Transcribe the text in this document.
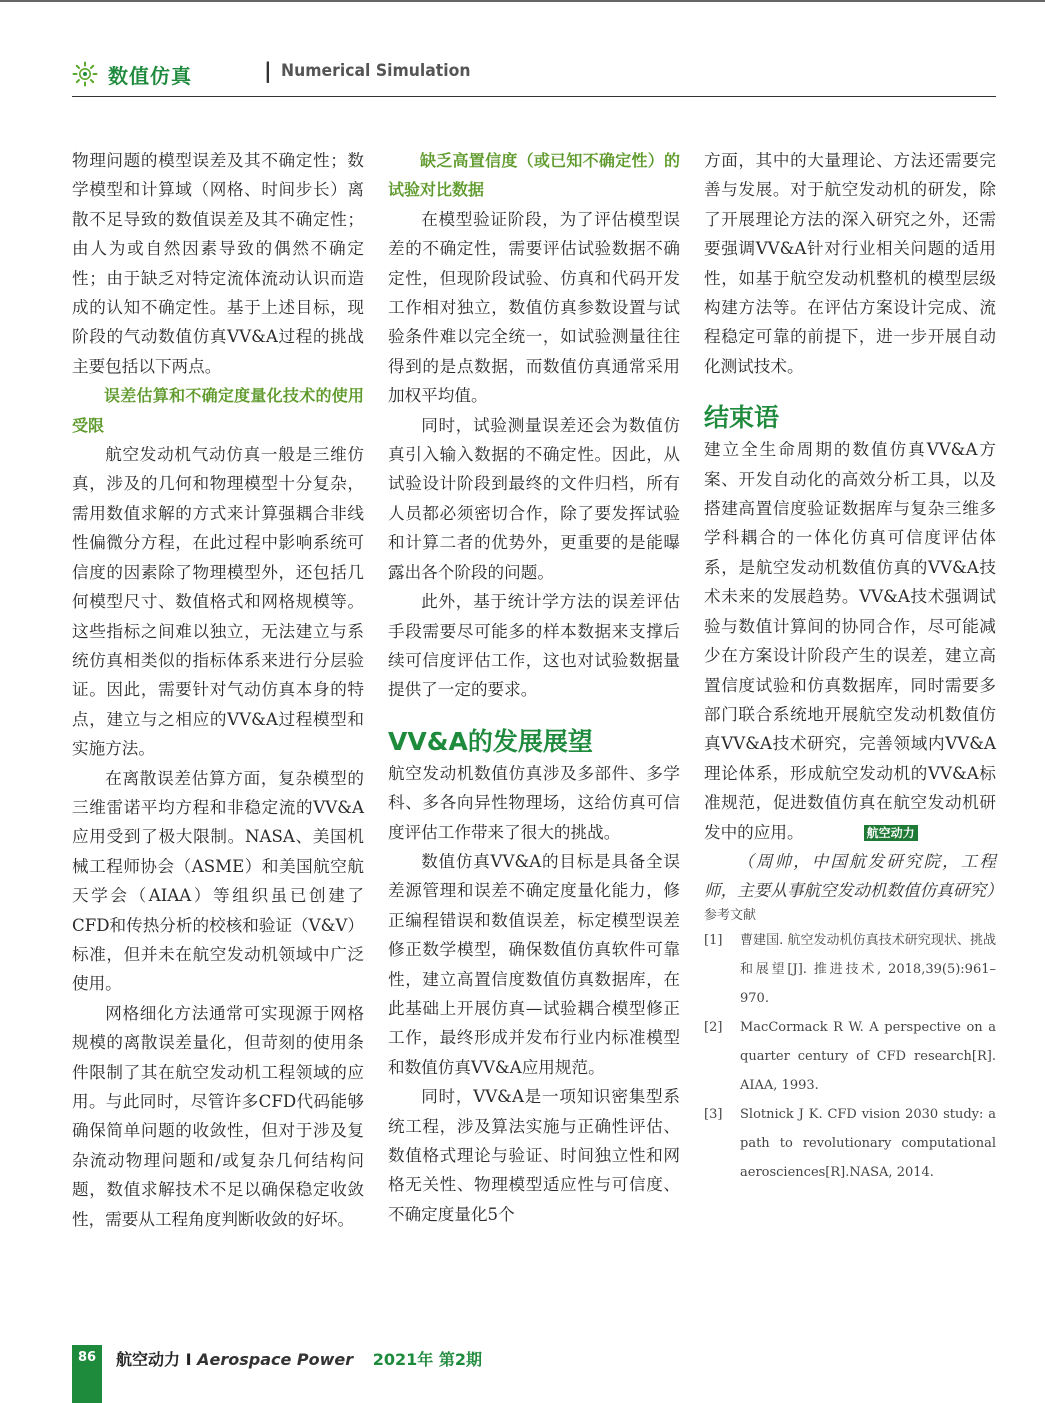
数值仿真	| Numerical Simulation

物理问题的模型误差及其不确定性；数学模型和计算域（网格、时间步长）离散不足导致的数值误差及其不确定性；由人为或自然因素导致的偶然不确定性；由于缺乏对特定流体流动认识而造成的认知不确定性。基于上述目标，现阶段的气动数值仿真VV&A过程的挑战主要包括以下两点。

误差估算和不确定度量化技术的使用受限

航空发动机气动仿真一般是三维仿真，涉及的几何和物理模型十分复杂，需用数值求解的方式来计算强耦合非线性偏微分方程，在此过程中影响系统可信度的因素除了物理模型外，还包括几何模型尺寸、数值格式和网格规模等。这些指标之间难以独立，无法建立与系统仿真相类似的指标体系来进行分层验证。因此，需要针对气动仿真本身的特点，建立与之相应的VV&A过程模型和实施方法。

在离散误差估算方面，复杂模型的三维雷诺平均方程和非稳定流的VV&A应用受到了极大限制。NASA、美国机械工程师协会（ASME）和美国航空航天学会（AIAA）等组织虽已创建了CFD和传热分析的校核和验证（V&V）标准，但并未在航空发动机领域中广泛使用。

网格细化方法通常可实现源于网格规模的离散误差量化，但苛刻的使用条件限制了其在航空发动机工程领域的应用。与此同时，尽管许多CFD代码能够确保简单问题的收敛性，但对于涉及复杂流动物理问题和/或复杂几何结构问题，数值求解技术不足以确保稳定收敛性，需要从工程角度判断收敛的好坏。

缺乏高置信度（或已知不确定性）的试验对比数据

在模型验证阶段，为了评估模型误差的不确定性，需要评估试验数据不确定性，但现阶段试验、仿真和代码开发工作相对独立，数值仿真参数设置与试验条件难以完全统一，如试验测量往往得到的是点数据，而数值仿真通常采用加权平均值。

同时，试验测量误差还会为数值仿真引入输入数据的不确定性。因此，从试验设计阶段到最终的文件归档，所有人员都必须密切合作，除了要发挥试验和计算二者的优势外，更重要的是能曝露出各个阶段的问题。

此外，基于统计学方法的误差评估手段需要尽可能多的样本数据来支撑后续可信度评估工作，这也对试验数据量提供了一定的要求。

VV&A的发展展望

航空发动机数值仿真涉及多部件、多学科、多各向异性物理场，这给仿真可信度评估工作带来了很大的挑战。

数值仿真VV&A的目标是具备全误差源管理和误差不确定度量化能力，修正编程错误和数值误差，标定模型误差修正数学模型，确保数值仿真软件可靠性，建立高置信度数值仿真数据库，在此基础上开展仿真—试验耦合模型修正工作，最终形成并发布行业内标准模型和数值仿真VV&A应用规范。

同时，VV&A是一项知识密集型系统工程，涉及算法实施与正确性评估、数值格式理论与验证、时间独立性和网格无关性、物理模型适应性与可信度、不确定度量化5个

方面，其中的大量理论、方法还需要完善与发展。对于航空发动机的研发，除了开展理论方法的深入研究之外，还需要强调VV&A针对行业相关问题的适用性，如基于航空发动机整机的模型层级构建方法等。在评估方案设计完成、流程稳定可靠的前提下，进一步开展自动化测试技术。

结束语

建立全生命周期的数值仿真VV&A方案、开发自动化的高效分析工具，以及搭建高置信度验证数据库与复杂三维多学科耦合的一体化仿真可信度评估体系，是航空发动机数值仿真的VV&A技术未来的发展趋势。VV&A技术强调试验与数值计算间的协同合作，尽可能减少在方案设计阶段产生的误差，建立高置信度试验和仿真数据库，同时需要多部门联合系统地开展航空发动机数值仿真VV&A技术研究，完善领域内VV&A理论体系，形成航空发动机的VV&A标准规范，促进数值仿真在航空发动机研发中的应用。	航空动力

（周帅，中国航发研究院，工程师，主要从事航空发动机数值仿真研究）

参考文献

[1] 曹建国. 航空发动机仿真技术研究现状、挑战和展望[J]. 推进技术, 2018,39(5):961–970.

[2] MacCormack R W. A perspective on a quarter century of CFD research[R]. AIAA, 1993.

[3] Slotnick J K. CFD vision 2030 study: a path to revolutionary computational aerosciences[R].NASA, 2014.

86	航空动力 I Aerospace Power 2021年 第2期
